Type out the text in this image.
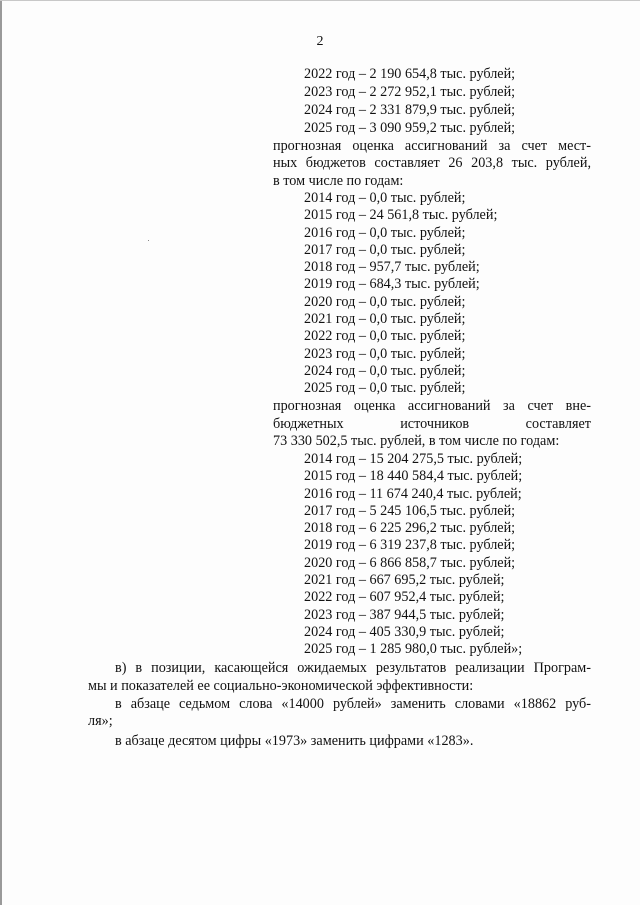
2
2022 год – 2 190 654,8 тыс. рублей;
2023 год – 2 272 952,1 тыс. рублей;
2024 год – 2 331 879,9 тыс. рублей;
2025 год – 3 090 959,2 тыс. рублей;
прогнозная оценка ассигнований за счет мест-
ных бюджетов составляет 26 203,8 тыс. рублей,
в том числе по годам:
2014 год – 0,0 тыс. рублей;
2015 год – 24 561,8 тыс. рублей;
2016 год – 0,0 тыс. рублей;
2017 год – 0,0 тыс. рублей;
2018 год – 957,7 тыс. рублей;
2019 год – 684,3 тыс. рублей;
2020 год – 0,0 тыс. рублей;
2021 год – 0,0 тыс. рублей;
2022 год – 0,0 тыс. рублей;
2023 год – 0,0 тыс. рублей;
2024 год – 0,0 тыс. рублей;
2025 год – 0,0 тыс. рублей;
прогнозная оценка ассигнований за счет вне-
бюджетных источников составляет
73 330 502,5 тыс. рублей, в том числе по годам:
2014 год – 15 204 275,5 тыс. рублей;
2015 год – 18 440 584,4 тыс. рублей;
2016 год – 11 674 240,4 тыс. рублей;
2017 год – 5 245 106,5 тыс. рублей;
2018 год – 6 225 296,2 тыс. рублей;
2019 год – 6 319 237,8 тыс. рублей;
2020 год – 6 866 858,7 тыс. рублей;
2021 год – 667 695,2 тыс. рублей;
2022 год – 607 952,4 тыс. рублей;
2023 год – 387 944,5 тыс. рублей;
2024 год – 405 330,9 тыс. рублей;
2025 год – 1 285 980,0 тыс. рублей»;
в) в позиции, касающейся ожидаемых результатов реализации Програм-
мы и показателей ее социально-экономической эффективности:
в абзаце седьмом слова «14000 рублей» заменить словами «18862 руб-
ля»;
в абзаце десятом цифры «1973» заменить цифрами «1283».
